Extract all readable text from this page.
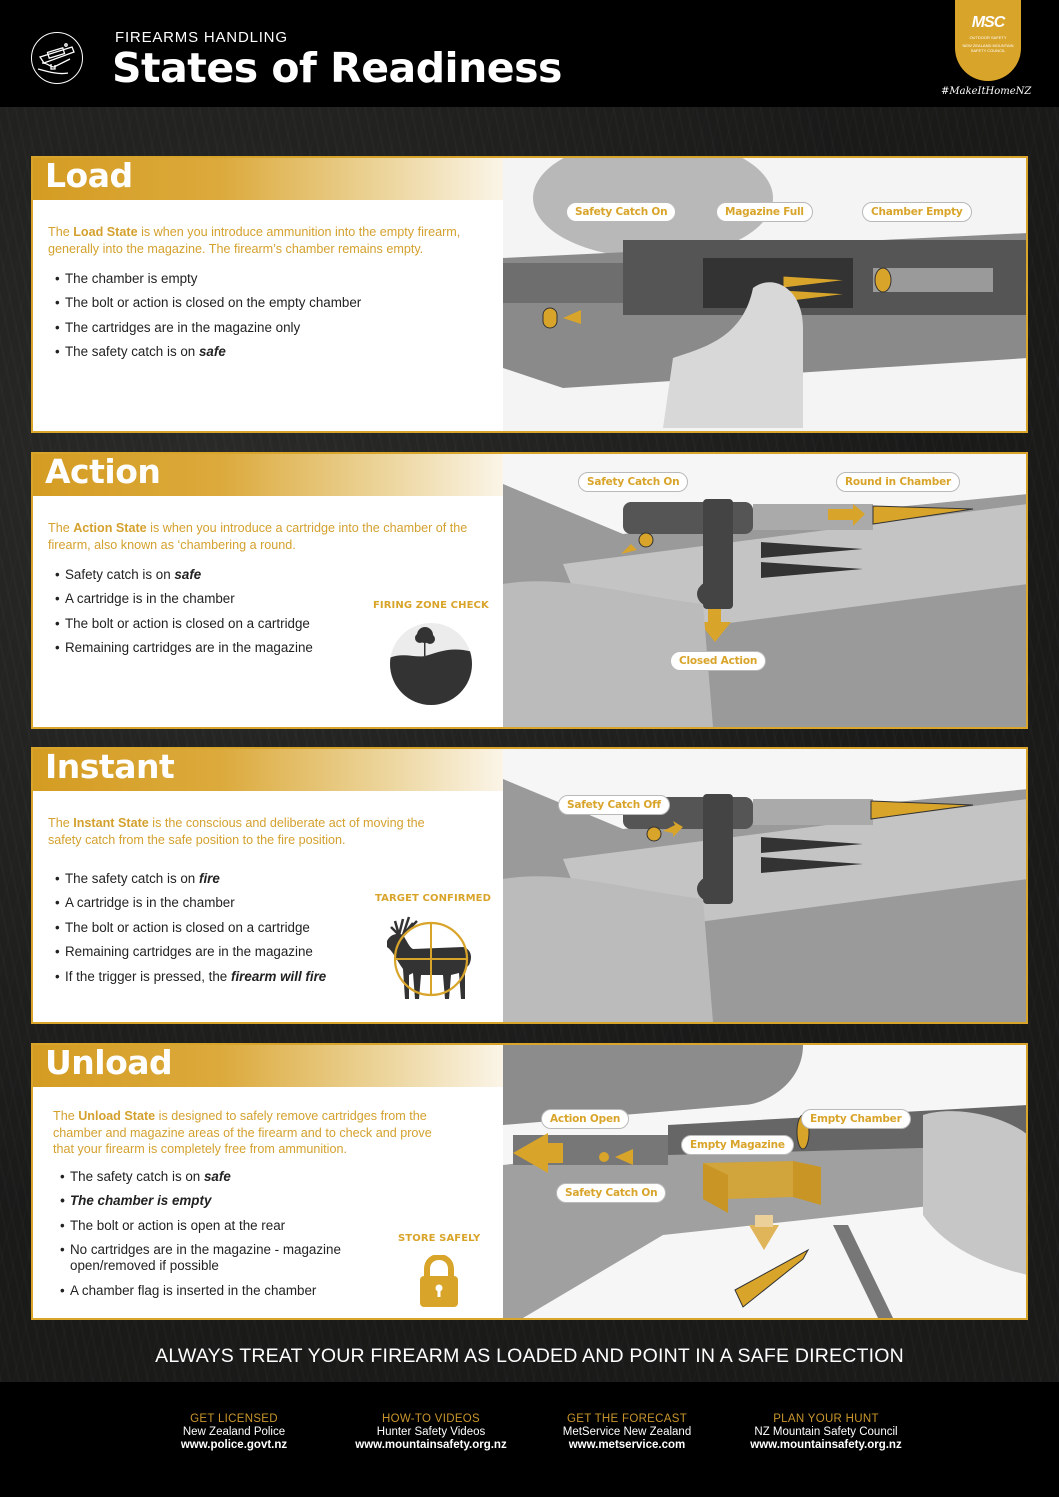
FIREARMS HANDLING
States of Readiness
MSC
OUTDOOR SAFETY
NEW ZEALAND MOUNTAIN SAFETY COUNCIL
#MakeItHomeNZ
Load
The Load State is when you introduce ammunition into the empty firearm, generally into the magazine. The firearm’s chamber remains empty.
• The chamber is empty
• The bolt or action is closed on the empty chamber
• The cartridges are in the magazine only
• The safety catch is on safe
Safety Catch On	Magazine Full	Chamber Empty
Action
The Action State is when you introduce a cartridge into the chamber of the firearm, also known as ‘chambering a round.
• Safety catch is on safe
• A cartridge is in the chamber
• The bolt or action is closed on a cartridge
• Remaining cartridges are in the magazine
FIRING ZONE CHECK
Safety Catch On	Round in Chamber
Closed Action
Instant
The Instant State is the conscious and deliberate act of moving the safety catch from the safe position to the fire position.
• The safety catch is on fire
• A cartridge is in the chamber
• The bolt or action is closed on a cartridge
• Remaining cartridges are in the magazine
• If the trigger is pressed, the firearm will fire
TARGET CONFIRMED
Safety Catch Off
Unload
The Unload State is designed to safely remove cartridges from the chamber and magazine areas of the firearm and to check and prove that your firearm is completely free from ammunition.
• The safety catch is on safe
• The chamber is empty
• The bolt or action is open at the rear
• No cartridges are in the magazine - magazine open/removed if possible
• A chamber flag is inserted in the chamber
STORE SAFELY
Action Open	Empty Chamber
Empty Magazine
Safety Catch On
ALWAYS TREAT YOUR FIREARM AS LOADED AND POINT IN A SAFE DIRECTION
GET LICENSED
New Zealand Police
www.police.govt.nz
HOW-TO VIDEOS
Hunter Safety Videos
www.mountainsafety.org.nz
GET THE FORECAST
MetService New Zealand
www.metservice.com
PLAN YOUR HUNT
NZ Mountain Safety Council
www.mountainsafety.org.nz
